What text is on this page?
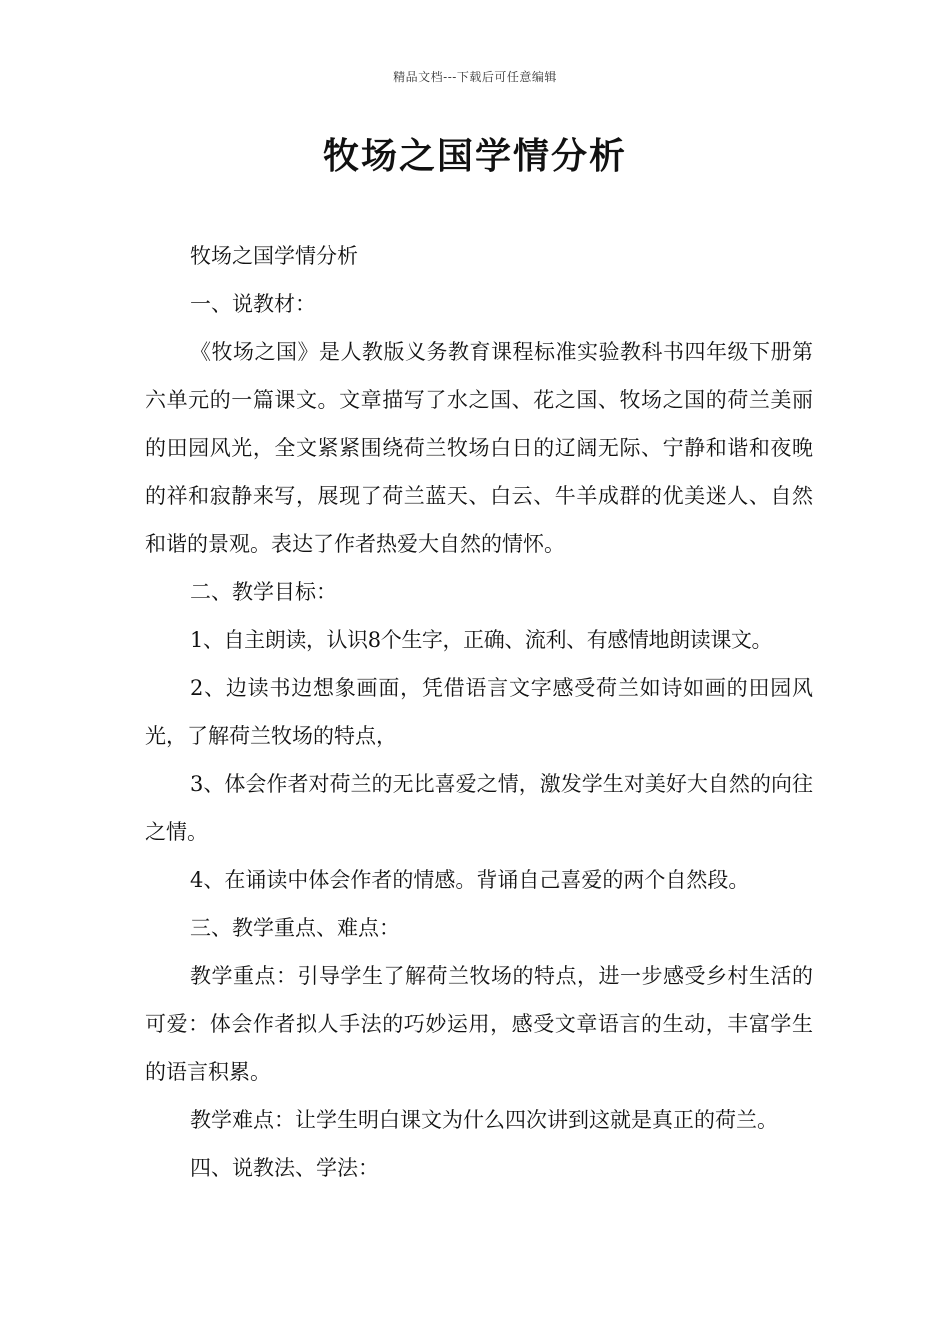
精品文档---下载后可任意编辑
牧场之国学情分析

牧场之国学情分析

一、说教材：

《牧场之国》是人教版义务教育课程标准实验教科书四年级下册第六单元的一篇课文。文章描写了水之国、花之国、牧场之国的荷兰美丽的田园风光，全文紧紧围绕荷兰牧场白日的辽阔无际、宁静和谐和夜晚的祥和寂静来写，展现了荷兰蓝天、白云、牛羊成群的优美迷人、自然和谐的景观。表达了作者热爱大自然的情怀。

二、教学目标：

1、自主朗读，认识8个生字，正确、流利、有感情地朗读课文。

2、边读书边想象画面，凭借语言文字感受荷兰如诗如画的田园风光，了解荷兰牧场的特点，

3、体会作者对荷兰的无比喜爱之情，激发学生对美好大自然的向往之情。

4、在诵读中体会作者的情感。背诵自己喜爱的两个自然段。

三、教学重点、难点：

教学重点：引导学生了解荷兰牧场的特点，进一步感受乡村生活的可爱：体会作者拟人手法的巧妙运用，感受文章语言的生动，丰富学生的语言积累。

教学难点：让学生明白课文为什么四次讲到这就是真正的荷兰。

四、说教法、学法：
